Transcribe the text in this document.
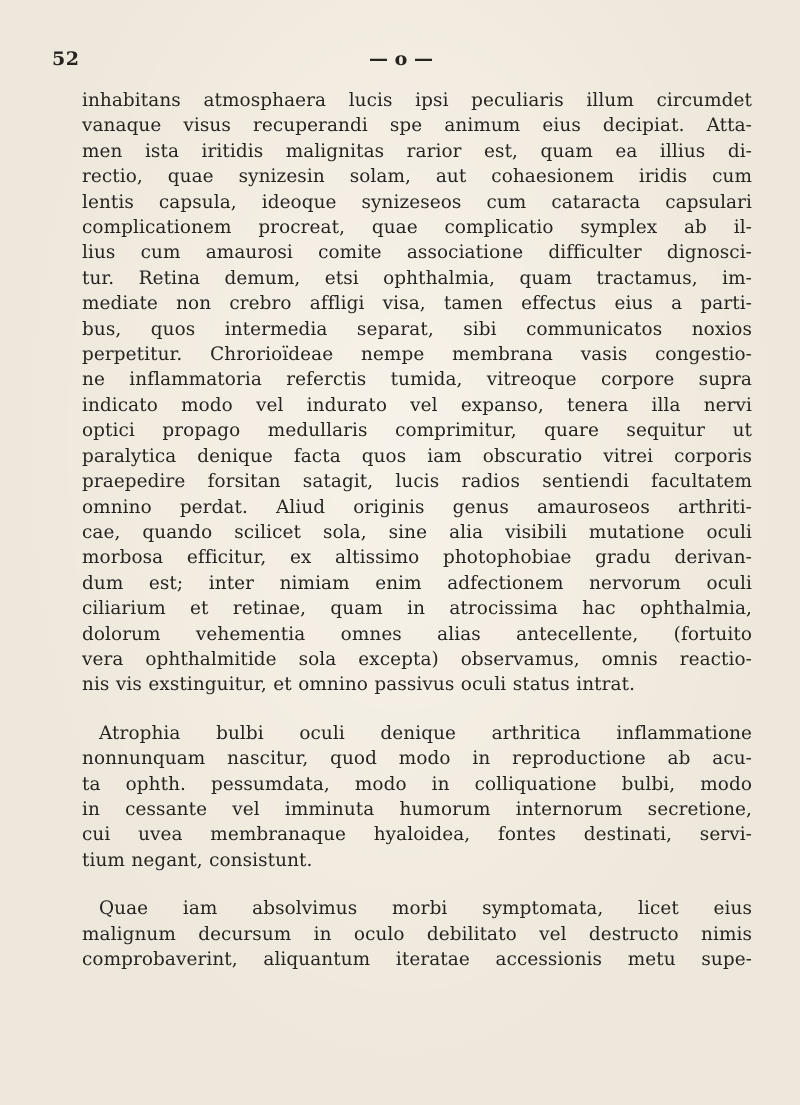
52	— o —

inhabitans atmosphaera lucis ipsi peculiaris illum circumdet
vanaque visus recuperandi spe animum eius decipiat. Atta-
men ista iritidis malignitas rarior est, quam ea illius di-
rectio, quae synizesin solam, aut cohaesionem iridis cum
lentis capsula, ideoque synizeseos cum cataracta capsulari
complicationem procreat, quae complicatio symplex ab il-
lius cum amaurosi comite associatione difficulter dignosci-
tur. Retina demum, etsi ophthalmia, quam tractamus, im-
mediate non crebro affligi visa, tamen effectus eius a parti-
bus, quos intermedia separat, sibi communicatos noxios
perpetitur. Chrorioïdeae nempe membrana vasis congestio-
ne inflammatoria referctis tumida, vitreoque corpore supra
indicato modo vel indurato vel expanso, tenera illa nervi
optici propago medullaris comprimitur, quare sequitur ut
paralytica denique facta quos iam obscuratio vitrei corporis
praepedire forsitan satagit, lucis radios sentiendi facultatem
omnino perdat. Aliud originis genus amauroseos arthriti-
cae, quando scilicet sola, sine alia visibili mutatione oculi
morbosa efficitur, ex altissimo photophobiae gradu derivan-
dum est; inter nimiam enim adfectionem nervorum oculi
ciliarium et retinae, quam in atrocissima hac ophthalmia,
dolorum vehementia omnes alias antecellente, (fortuito
vera ophthalmitide sola excepta) observamus, omnis reactio-
nis vis exstinguitur, et omnino passivus oculi status intrat.

Atrophia bulbi oculi denique arthritica inflammatione
nonnunquam nascitur, quod modo in reproductione ab acu-
ta ophth. pessumdata, modo in colliquatione bulbi, modo
in cessante vel imminuta humorum internorum secretione,
cui uvea membranaque hyaloidea, fontes destinati, servi-
tium negant, consistunt.

Quae iam absolvimus morbi symptomata, licet eius
malignum decursum in oculo debilitato vel destructo nimis
comprobaverint, aliquantum iteratae accessionis metu supe-
